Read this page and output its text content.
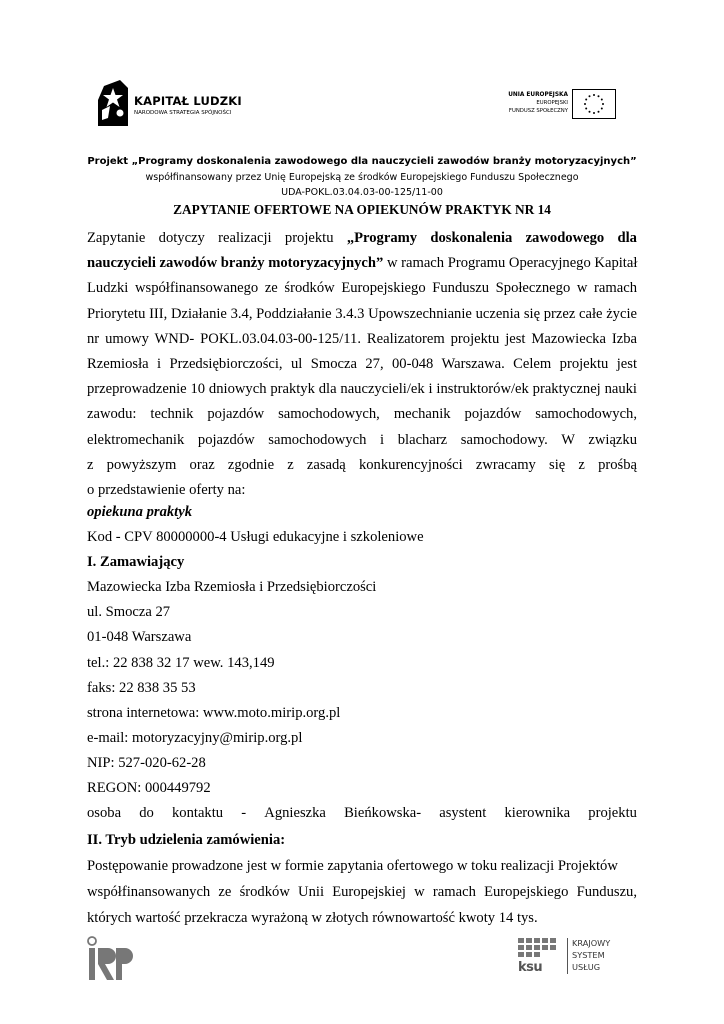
KAPITAŁ LUDZKI
NARODOWA STRATEGIA SPÓJNOŚCI
UNIA EUROPEJSKA
EUROPEJSKI
FUNDUSZ SPOŁECZNY
Projekt „Programy doskonalenia zawodowego dla nauczycieli zawodów branży motoryzacyjnych”
współfinansowany przez Unię Europejską ze środków Europejskiego Funduszu Społecznego
UDA-POKL.03.04.03-00-125/11-00
ZAPYTANIE OFERTOWE NA OPIEKUNÓW PRAKTYK NR 14
Zapytanie dotyczy realizacji projektu „Programy doskonalenia zawodowego dla
nauczycieli zawodów branży motoryzacyjnych” w ramach Programu Operacyjnego Kapitał
Ludzki współfinansowanego ze środków Europejskiego Funduszu Społecznego w ramach
Priorytetu III, Działanie 3.4, Poddziałanie 3.4.3 Upowszechnianie uczenia się przez całe życie
nr umowy WND- POKL.03.04.03-00-125/11. Realizatorem projektu jest Mazowiecka Izba
Rzemiosła i Przedsiębiorczości, ul Smocza 27, 00-048 Warszawa. Celem projektu jest
przeprowadzenie 10 dniowych praktyk dla nauczycieli/ek i instruktorów/ek praktycznej nauki
zawodu: technik pojazdów samochodowych, mechanik pojazdów samochodowych,
elektromechanik pojazdów samochodowych i blacharz samochodowy. W związku
z powyższym oraz zgodnie z zasadą konkurencyjności zwracamy się z prośbą
o przedstawienie oferty na:
opiekuna praktyk
Kod - CPV 80000000-4 Usługi edukacyjne i szkoleniowe
I. Zamawiający
Mazowiecka Izba Rzemiosła i Przedsiębiorczości
ul. Smocza 27
01-048 Warszawa
tel.: 22 838 32 17 wew. 143,149
faks: 22 838 35 53
strona internetowa: www.moto.mirip.org.pl
e-mail: motoryzacyjny@mirip.org.pl
NIP: 527-020-62-28
REGON: 000449792
osoba do kontaktu - Agnieszka Bieńkowska- asystent kierownika projektu
II. Tryb udzielenia zamówienia:
Postępowanie prowadzone jest w formie zapytania ofertowego w toku realizacji Projektów
współfinansowanych ze środków Unii Europejskiej w ramach Europejskiego Funduszu,
których wartość przekracza wyrażoną w złotych równowartość kwoty 14 tys.
ksu
KRAJOWY
SYSTEM
USŁUG
